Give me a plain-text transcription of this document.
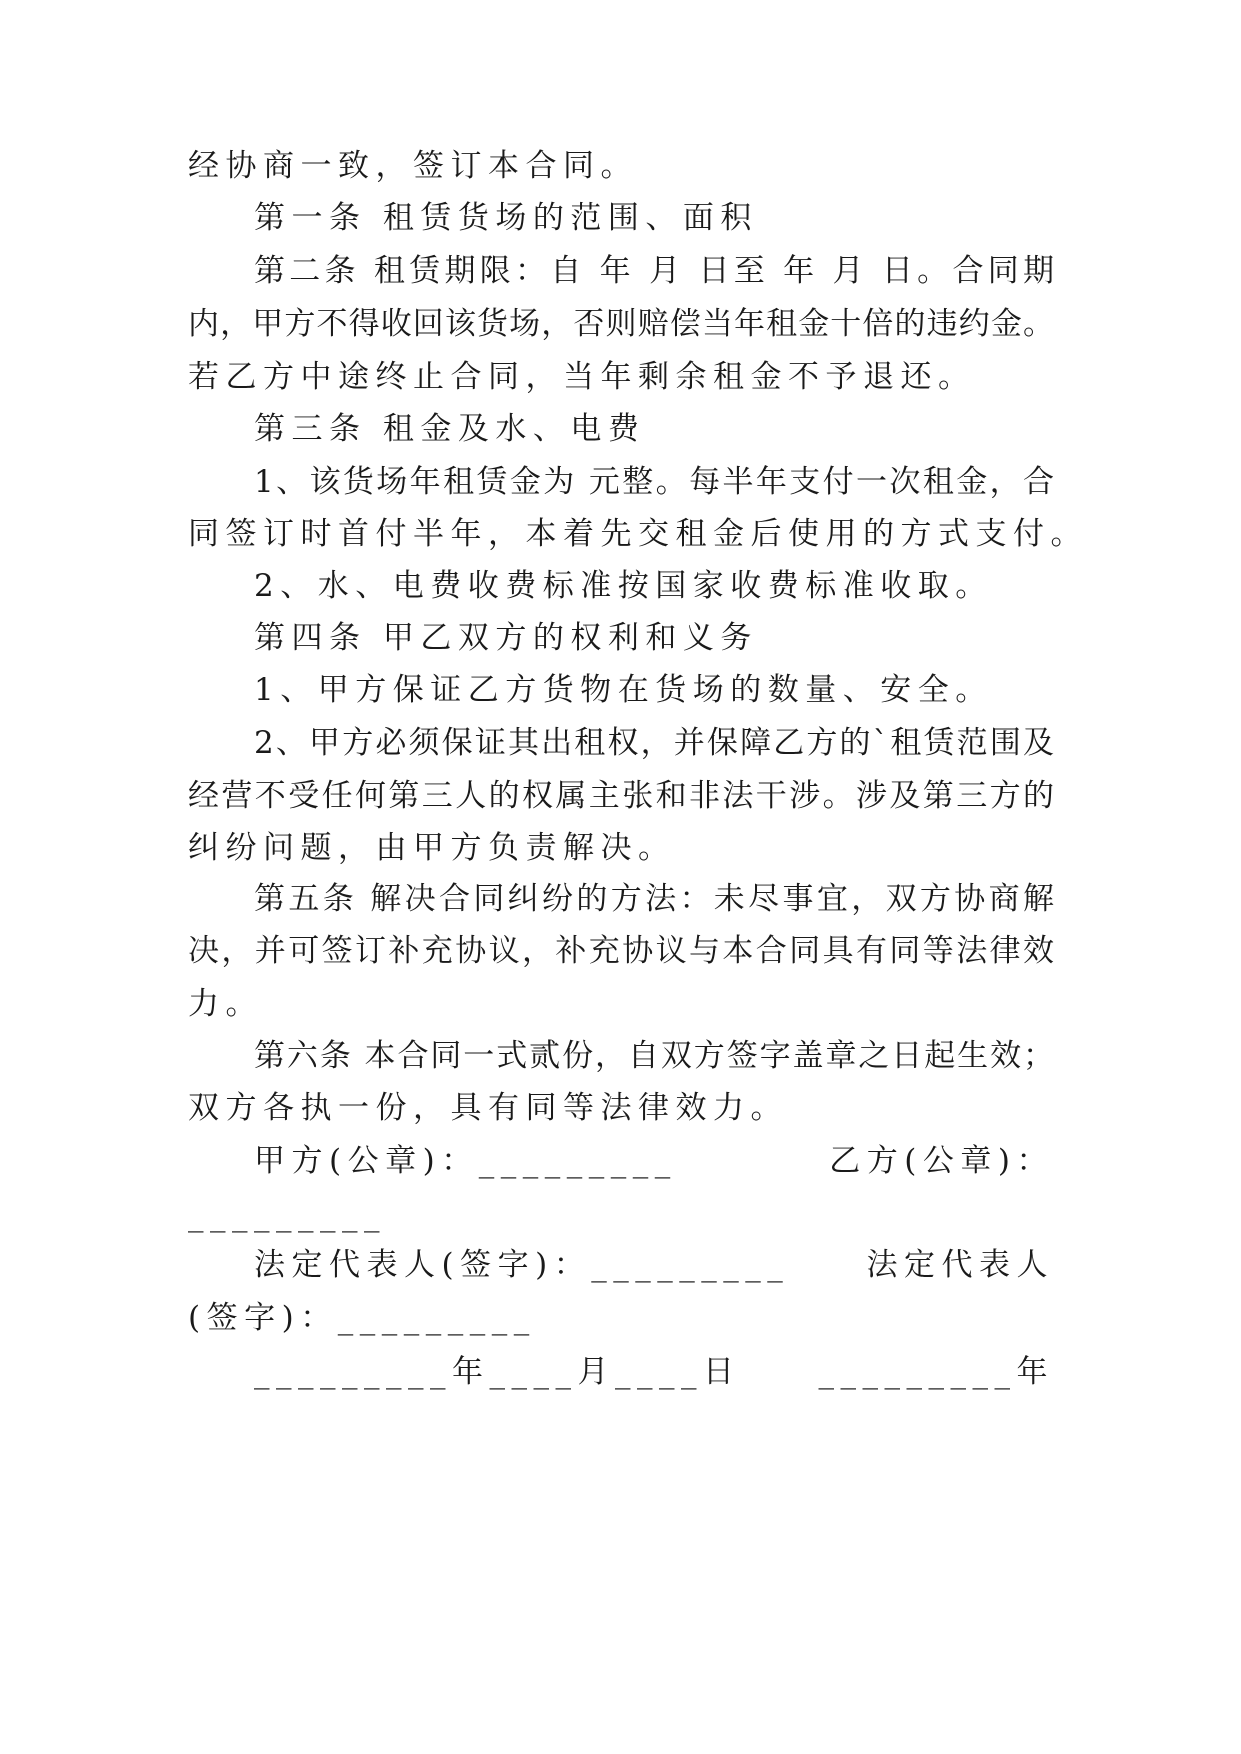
经协商一致，签订本合同。
第一条 租赁货场的范围、面积
第二条 租赁期限：自 年 月 日至 年 月 日。合同期
内，甲方不得收回该货场，否则赔偿当年租金十倍的违约金。
若乙方中途终止合同，当年剩余租金不予退还。
第三条 租金及水、电费
1、该货场年租赁金为 元整。每半年支付一次租金，合
同签订时首付半年，本着先交租金后使用的方式支付。
2、水、电费收费标准按国家收费标准收取。
第四条 甲乙双方的权利和义务
1、甲方保证乙方货物在货场的数量、安全。
2、甲方必须保证其出租权，并保障乙方的`租赁范围及
经营不受任何第三人的权属主张和非法干涉。涉及第三方的
纠纷问题，由甲方负责解决。
第五条 解决合同纠纷的方法：未尽事宜，双方协商解
决，并可签订补充协议，补充协议与本合同具有同等法律效
力。
第六条 本合同一式贰份，自双方签字盖章之日起生效；
双方各执一份，具有同等法律效力。
甲方(公章)：_________	乙方(公章)：
_________
法定代表人(签字)：_________	法定代表人
(签字)：_________
_________年____月____日	_________年
